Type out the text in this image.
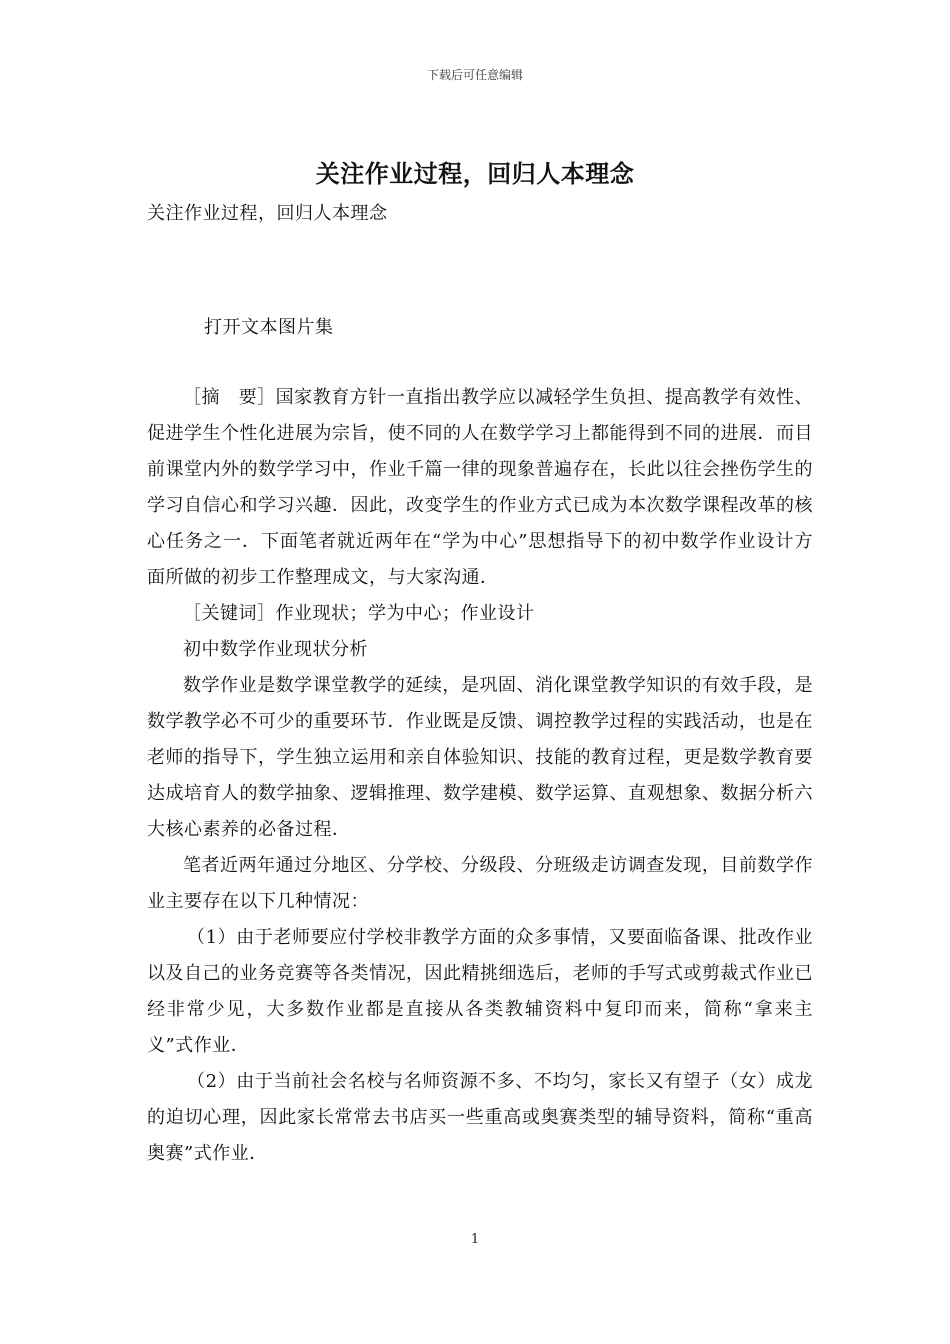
下载后可任意编辑
关注作业过程，回归人本理念
关注作业过程，回归人本理念
打开文本图片集

［摘　要］国家教育方针一直指出教学应以减轻学生负担、提高教学有效性、促进学生个性化进展为宗旨，使不同的人在数学学习上都能得到不同的进展．而目前课堂内外的数学学习中，作业千篇一律的现象普遍存在，长此以往会挫伤学生的学习自信心和学习兴趣．因此，改变学生的作业方式已成为本次数学课程改革的核心任务之一．下面笔者就近两年在“学为中心”思想指导下的初中数学作业设计方面所做的初步工作整理成文，与大家沟通．

［关键词］作业现状；学为中心；作业设计

初中数学作业现状分析

数学作业是数学课堂教学的延续，是巩固、消化课堂教学知识的有效手段，是数学教学必不可少的重要环节．作业既是反馈、调控教学过程的实践活动，也是在老师的指导下，学生独立运用和亲自体验知识、技能的教育过程，更是数学教育要达成培育人的数学抽象、逻辑推理、数学建模、数学运算、直观想象、数据分析六大核心素养的必备过程．

笔者近两年通过分地区、分学校、分级段、分班级走访调查发现，目前数学作业主要存在以下几种情况：

（1）由于老师要应付学校非教学方面的众多事情，又要面临备课、批改作业以及自己的业务竞赛等各类情况，因此精挑细选后，老师的手写式或剪裁式作业已经非常少见，大多数作业都是直接从各类教辅资料中复印而来，简称“拿来主义”式作业．

（2）由于当前社会名校与名师资源不多、不均匀，家长又有望子（女）成龙的迫切心理，因此家长常常去书店买一些重高或奥赛类型的辅导资料，简称“重高奥赛”式作业．

1
